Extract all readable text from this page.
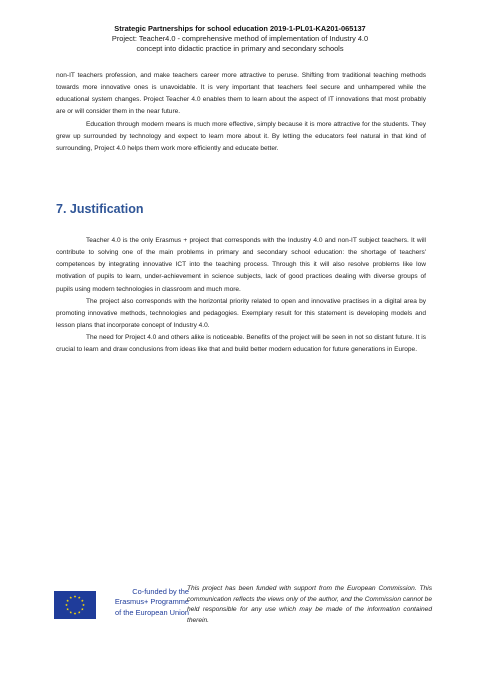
Strategic Partnerships for school education 2019-1-PL01-KA201-065137
Project: Teacher4.0 - comprehensive method of implementation of Industry 4.0
concept into didactic practice in primary and secondary schools

non-IT teachers profession, and make teachers career more attractive to peruse. Shifting from traditional teaching methods towards more innovative ones is unavoidable. It is very important that teachers feel secure and unhampered while the educational system changes. Project Teacher 4.0 enables them to learn about the aspect of IT innovations that most probably are or will consider them in the near future.

Education through modern means is much more effective, simply because it is more attractive for the students. They grew up surrounded by technology and expect to learn more about it. By letting the educators feel natural in that kind of surrounding, Project 4.0 helps them work more efficiently and educate better.

7. Justification

Teacher 4.0 is the only Erasmus + project that corresponds with the Industry 4.0 and non-IT subject teachers. It will contribute to solving one of the main problems in primary and secondary school education: the shortage of teachers' competences by integrating innovative ICT into the teaching process. Through this it will also resolve problems like low motivation of pupils to learn, under-achievement in science subjects, lack of good practices dealing with diverse groups of pupils using modern technologies in classroom and much more.

The project also corresponds with the horizontal priority related to open and innovative practises in a digital area by promoting innovative methods, technologies and pedagogies. Exemplary result for this statement is developing models and lesson plans that incorporate concept of Industry 4.0.

The need for Project 4.0 and others alike is noticeable. Benefits of the project will be seen in not so distant future. It is crucial to learn and draw conclusions from ideas like that and build better modern education for future generations in Europe.

Co-funded by the
Erasmus+ Programme
of the European Union
This project has been funded with support from the European Commission. This communication reflects the views only of the author, and the Commission cannot be held responsible for any use which may be made of the information contained therein.
